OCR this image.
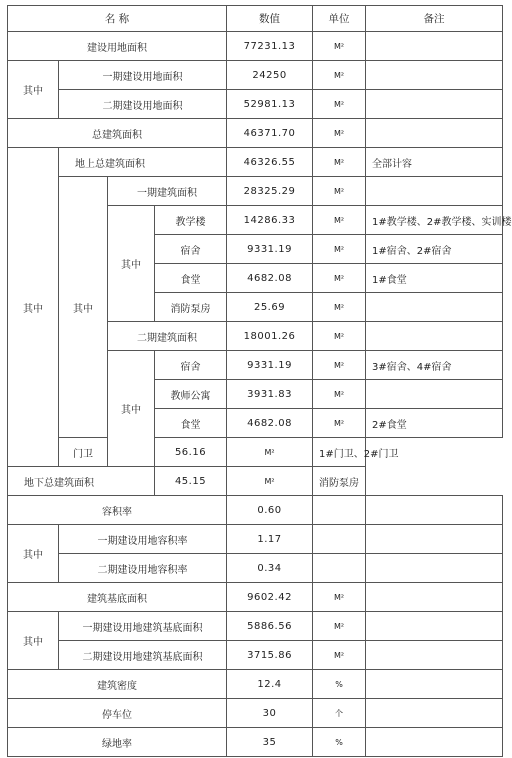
名 称				数值	单位	备注
建设用地面积				77231.13	M²	
其中	一期建设用地面积			24250	M²	
	二期建设用地面积			52981.13	M²	
总建筑面积				46371.70	M²	
其中	地上总建筑面积			46326.55	M²	全部计容
	其中	一期建筑面积		28325.29	M²	
		其中	教学楼	14286.33	M²	1#教学楼、2#教学楼、实训楼
			宿舍	9331.19	M²	1#宿舍、2#宿舍
			食堂	4682.08	M²	1#食堂
			消防泵房	25.69	M²	
		二期建筑面积		18001.26	M²	
		其中	宿舍	9331.19	M²	3#宿舍、4#宿舍
			教师公寓	3931.83	M²	
			食堂	4682.08	M²	2#食堂
	门卫		56.16	M²	1#门卫、2#门卫	
地下总建筑面积			45.15	M²	消防泵房	
容积率				0.60		
其中	一期建设用地容积率			1.17		
	二期建设用地容积率			0.34		
建筑基底面积				9602.42	M²	
其中	一期建设用地建筑基底面积			5886.56	M²	
	二期建设用地建筑基底面积			3715.86	M²	
建筑密度				12.4	%	
停车位				30	个	
绿地率				35	%	
